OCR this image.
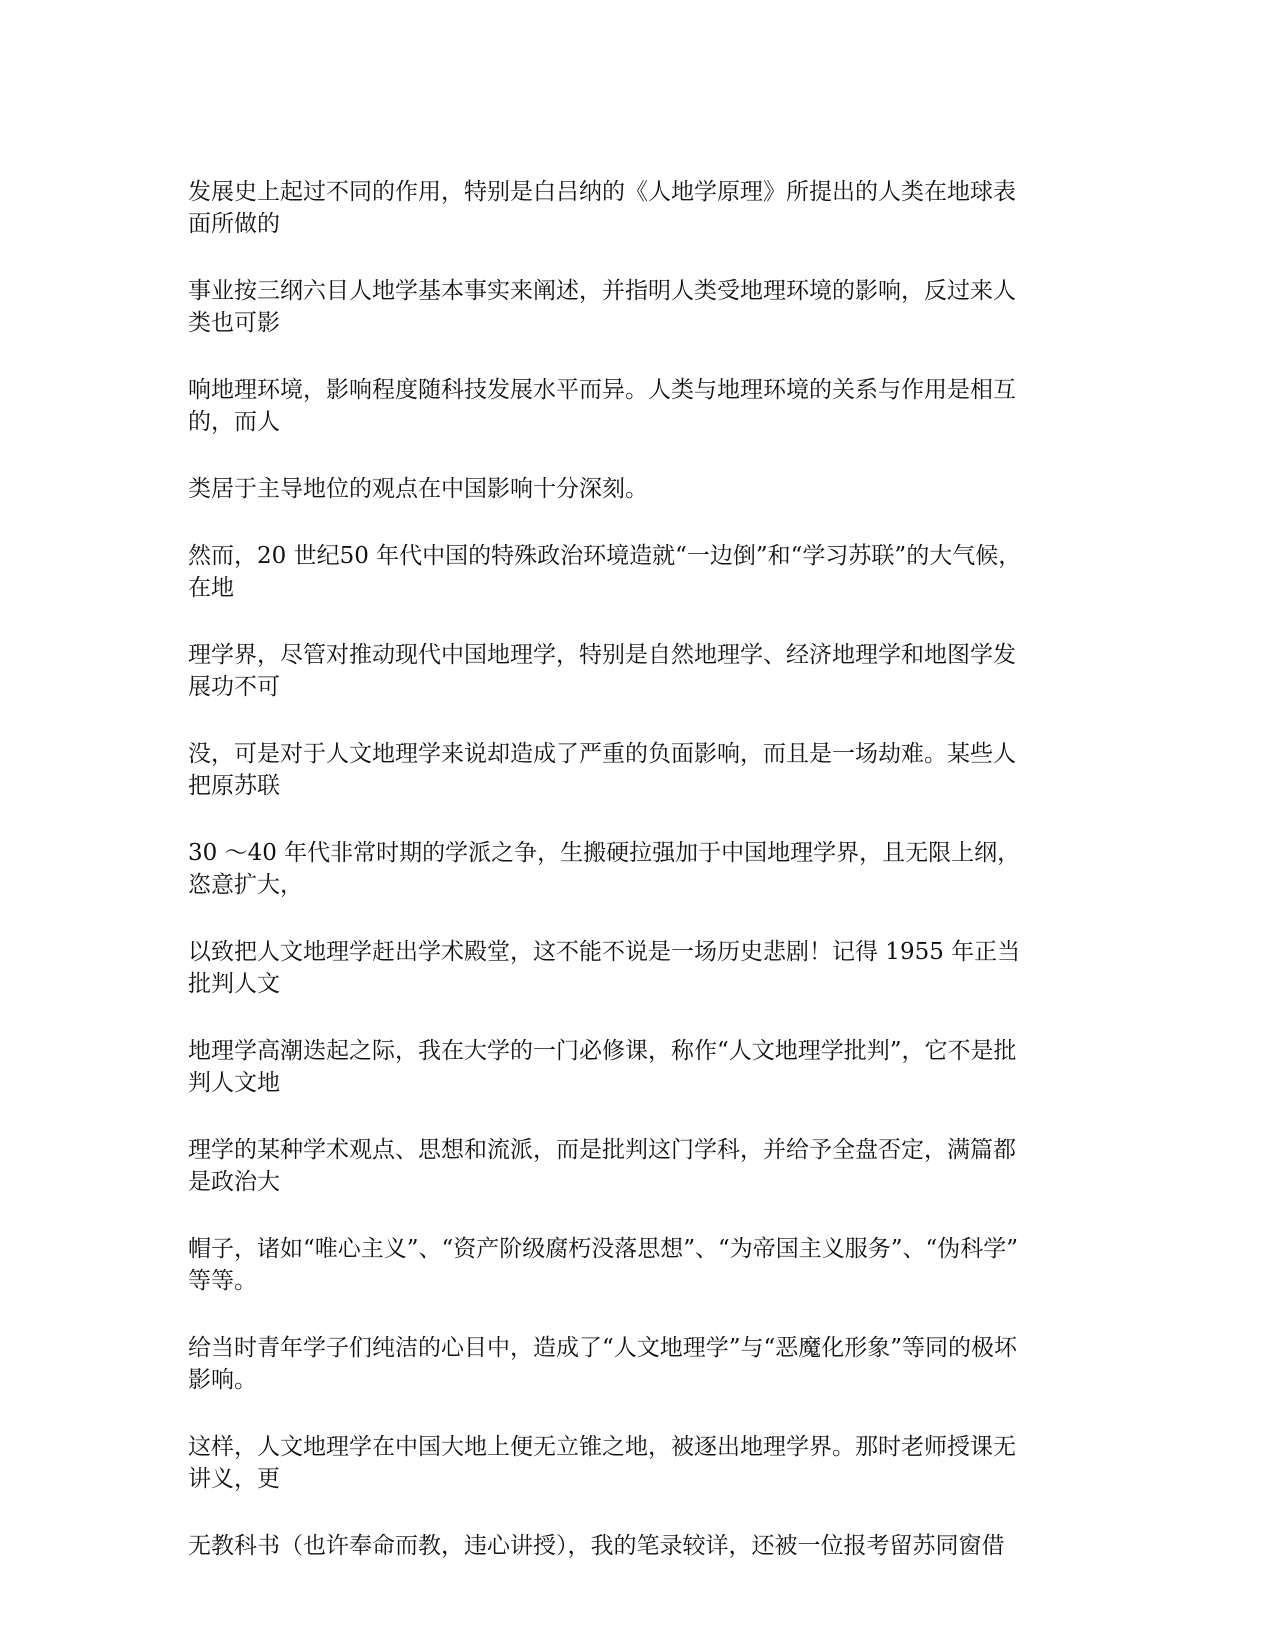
发展史上起过不同的作用，特别是白吕纳的《人地学原理》所提出的人类在地球表
面所做的

事业按三纲六目人地学基本事实来阐述，并指明人类受地理环境的影响，反过来人
类也可影

响地理环境，影响程度随科技发展水平而异。人类与地理环境的关系与作用是相互
的，而人

类居于主导地位的观点在中国影响十分深刻。

然而，20 世纪50 年代中国的特殊政治环境造就“一边倒”和“学习苏联”的大气候，
在地

理学界，尽管对推动现代中国地理学，特别是自然地理学、经济地理学和地图学发
展功不可

没，可是对于人文地理学来说却造成了严重的负面影响，而且是一场劫难。某些人
把原苏联

30 ～40 年代非常时期的学派之争，生搬硬拉强加于中国地理学界，且无限上纲，
恣意扩大，

以致把人文地理学赶出学术殿堂，这不能不说是一场历史悲剧！记得 1955 年正当
批判人文

地理学高潮迭起之际，我在大学的一门必修课，称作“人文地理学批判”，它不是批
判人文地

理学的某种学术观点、思想和流派，而是批判这门学科，并给予全盘否定，满篇都
是政治大

帽子，诸如“唯心主义”、“资产阶级腐朽没落思想”、“为帝国主义服务”、“伪科学”
等等。

给当时青年学子们纯洁的心目中，造成了“人文地理学”与“恶魔化形象”等同的极坏
影响。

这样，人文地理学在中国大地上便无立锥之地，被逐出地理学界。那时老师授课无
讲义，更

无教科书（也许奉命而教，违心讲授），我的笔录较详，还被一位报考留苏同窗借
